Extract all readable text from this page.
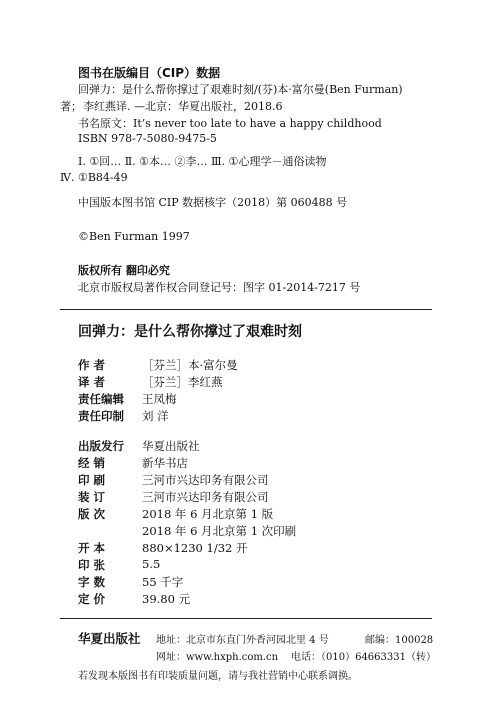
图书在版编目（CIP）数据
回弹力：是什么帮你撑过了艰难时刻/(芬)本·富尔曼(Ben Furman)
著； 李红燕译. —北京：华夏出版社，2018.6
书名原文：It’s never too late to have a happy childhood
ISBN 978-7-5080-9475-5
Ⅰ. ①回… Ⅱ. ①本… ②李… Ⅲ. ①心理学－通俗读物
Ⅳ. ①B84-49
中国版本图书馆 CIP 数据核字（2018）第 060488 号
©Ben Furman 1997
版权所有 翻印必究
北京市版权局著作权合同登记号：图字 01-2014-7217 号
回弹力：是什么帮你撑过了艰难时刻
作 者	［芬兰］本·富尔曼
译 者	［芬兰］李红燕
责任编辑 王凤梅
责任印制 刘 洋
出版发行 华夏出版社
经 销	新华书店
印 刷	三河市兴达印务有限公司
装 订	三河市兴达印务有限公司
版 次	2018 年 6 月北京第 1 版
2018 年 6 月北京第 1 次印刷
开 本	880×1230 1/32 开
印 张	5.5
字 数	55 千字
定 价	39.80 元
华夏出版社 地址：北京市东直门外香河园北里 4 号	邮编：100028
网址：www.hxph.com.cn 电话：（010）64663331（转）
若发现本版图书有印装质量问题，请与我社营销中心联系调换。
